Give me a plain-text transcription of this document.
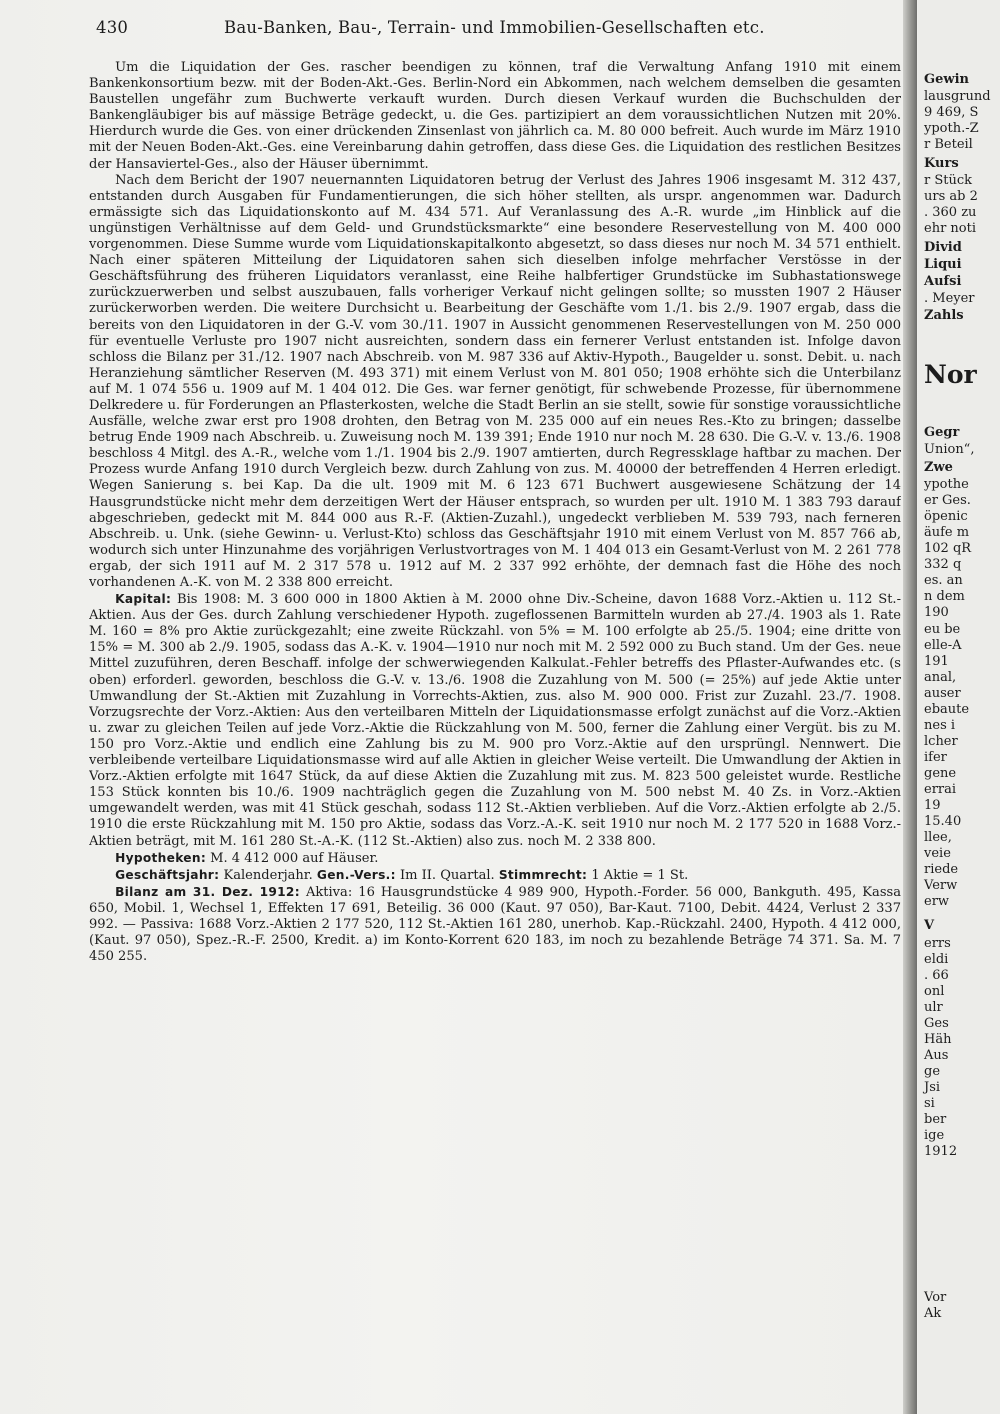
430	Bau-Banken, Bau-, Terrain- und Immobilien-Gesellschaften etc.

Um die Liquidation der Ges. rascher beendigen zu können, traf die Verwaltung Anfang 1910 mit einem Bankenkonsortium bezw. mit der Boden-Akt.-Ges. Berlin-Nord ein Abkommen, nach welchem demselben die gesamten Baustellen ungefähr zum Buchwerte verkauft wurden. Durch diesen Verkauf wurden die Buchschulden der Bankengläubiger bis auf mässige Beträge gedeckt, u. die Ges. partizipiert an dem voraussichtlichen Nutzen mit 20%. Hierdurch wurde die Ges. von einer drückenden Zinsenlast von jährlich ca. M. 80 000 befreit. Auch wurde im März 1910 mit der Neuen Boden-Akt.-Ges. eine Vereinbarung dahin getroffen, dass diese Ges. die Liquidation des restlichen Besitzes der Hansaviertel-Ges., also der Häuser übernimmt.

Nach dem Bericht der 1907 neuernannten Liquidatoren betrug der Verlust des Jahres 1906 insgesamt M. 312 437, entstanden durch Ausgaben für Fundamentierungen, die sich höher stellten, als urspr. angenommen war. Dadurch ermässigte sich das Liquidationskonto auf M. 434 571. Auf Veranlassung des A.-R. wurde „im Hinblick auf die ungünstigen Verhältnisse auf dem Geld- und Grundstücksmarkte“ eine besondere Reservestellung von M. 400 000 vorgenommen. Diese Summe wurde vom Liquidationskapitalkonto abgesetzt, so dass dieses nur noch M. 34 571 enthielt. Nach einer späteren Mitteilung der Liquidatoren sahen sich dieselben infolge mehrfacher Verstösse in der Geschäftsführung des früheren Liquidators veranlasst, eine Reihe halbfertiger Grundstücke im Subhastationswege zurückzuerwerben und selbst auszubauen, falls vorheriger Verkauf nicht gelingen sollte; so mussten 1907 2 Häuser zurückerworben werden. Die weitere Durchsicht u. Bearbeitung der Geschäfte vom 1./1. bis 2./9. 1907 ergab, dass die bereits von den Liquidatoren in der G.-V. vom 30./11. 1907 in Aussicht genommenen Reservestellungen von M. 250 000 für eventuelle Verluste pro 1907 nicht ausreichten, sondern dass ein fernerer Verlust entstanden ist. Infolge davon schloss die Bilanz per 31./12. 1907 nach Abschreib. von M. 987 336 auf Aktiv-Hypoth., Baugelder u. sonst. Debit. u. nach Heranziehung sämtlicher Reserven (M. 493 371) mit einem Verlust von M. 801 050; 1908 erhöhte sich die Unterbilanz auf M. 1 074 556 u. 1909 auf M. 1 404 012. Die Ges. war ferner genötigt, für schwebende Prozesse, für übernommene Delkredere u. für Forderungen an Pflasterkosten, welche die Stadt Berlin an sie stellt, sowie für sonstige voraussichtliche Ausfälle, welche zwar erst pro 1908 drohten, den Betrag von M. 235 000 auf ein neues Res.-Kto zu bringen; dasselbe betrug Ende 1909 nach Abschreib. u. Zuweisung noch M. 139 391; Ende 1910 nur noch M. 28 630. Die G.-V. v. 13./6. 1908 beschloss 4 Mitgl. des A.-R., welche vom 1./1. 1904 bis 2./9. 1907 amtierten, durch Regressklage haftbar zu machen. Der Prozess wurde Anfang 1910 durch Vergleich bezw. durch Zahlung von zus. M. 40000 der betreffenden 4 Herren erledigt. Wegen Sanierung s. bei Kap. Da die ult. 1909 mit M. 6 123 671 Buchwert ausgewiesene Schätzung der 14 Hausgrundstücke nicht mehr dem derzeitigen Wert der Häuser entsprach, so wurden per ult. 1910 M. 1 383 793 darauf abgeschrieben, gedeckt mit M. 844 000 aus R.-F. (Aktien-Zuzahl.), ungedeckt verblieben M. 539 793, nach ferneren Abschreib. u. Unk. (siehe Gewinn- u. Verlust-Kto) schloss das Geschäftsjahr 1910 mit einem Verlust von M. 857 766 ab, wodurch sich unter Hinzunahme des vorjährigen Verlustvortrages von M. 1 404 013 ein Gesamt-Verlust von M. 2 261 778 ergab, der sich 1911 auf M. 2 317 578 u. 1912 auf M. 2 337 992 erhöhte, der demnach fast die Höhe des noch vorhandenen A.-K. von M. 2 338 800 erreicht.

Kapital: Bis 1908: M. 3 600 000 in 1800 Aktien à M. 2000 ohne Div.-Scheine, davon 1688 Vorz.-Aktien u. 112 St.-Aktien. Aus der Ges. durch Zahlung verschiedener Hypoth. zugeflossenen Barmitteln wurden ab 27./4. 1903 als 1. Rate M. 160 = 8% pro Aktie zurückgezahlt; eine zweite Rückzahl. von 5% = M. 100 erfolgte ab 25./5. 1904; eine dritte von 15% = M. 300 ab 2./9. 1905, sodass das A.-K. v. 1904—1910 nur noch mit M. 2 592 000 zu Buch stand. Um der Ges. neue Mittel zuzuführen, deren Beschaff. infolge der schwerwiegenden Kalkulat.-Fehler betreffs des Pflaster-Aufwandes etc. (s oben) erforderl. geworden, beschloss die G.-V. v. 13./6. 1908 die Zuzahlung von M. 500 (= 25%) auf jede Aktie unter Umwandlung der St.-Aktien mit Zuzahlung in Vorrechts-Aktien, zus. also M. 900 000. Frist zur Zuzahl. 23./7. 1908. Vorzugsrechte der Vorz.-Aktien: Aus den verteilbaren Mitteln der Liquidationsmasse erfolgt zunächst auf die Vorz.-Aktien u. zwar zu gleichen Teilen auf jede Vorz.-Aktie die Rückzahlung von M. 500, ferner die Zahlung einer Vergüt. bis zu M. 150 pro Vorz.-Aktie und endlich eine Zahlung bis zu M. 900 pro Vorz.-Aktie auf den ursprüngl. Nennwert. Die verbleibende verteilbare Liquidationsmasse wird auf alle Aktien in gleicher Weise verteilt. Die Umwandlung der Aktien in Vorz.-Aktien erfolgte mit 1647 Stück, da auf diese Aktien die Zuzahlung mit zus. M. 823 500 geleistet wurde. Restliche 153 Stück konnten bis 10./6. 1909 nachträglich gegen die Zuzahlung von M. 500 nebst M. 40 Zs. in Vorz.-Aktien umgewandelt werden, was mit 41 Stück geschah, sodass 112 St.-Aktien verblieben. Auf die Vorz.-Aktien erfolgte ab 2./5. 1910 die erste Rückzahlung mit M. 150 pro Aktie, sodass das Vorz.-A.-K. seit 1910 nur noch M. 2 177 520 in 1688 Vorz.-Aktien beträgt, mit M. 161 280 St.-A.-K. (112 St.-Aktien) also zus. noch M. 2 338 800.

Hypotheken: M. 4 412 000 auf Häuser.

Geschäftsjahr: Kalenderjahr. Gen.-Vers.: Im II. Quartal. Stimmrecht: 1 Aktie = 1 St.

Bilanz am 31. Dez. 1912: Aktiva: 16 Hausgrundstücke 4 989 900, Hypoth.-Forder. 56 000, Bankguth. 495, Kassa 650, Mobil. 1, Wechsel 1, Effekten 17 691, Beteilig. 36 000 (Kaut. 97 050), Bar-Kaut. 7100, Debit. 4424, Verlust 2 337 992. — Passiva: 1688 Vorz.-Aktien 2 177 520, 112 St.-Aktien 161 280, unerhob. Kap.-Rückzahl. 2400, Hypoth. 4 412 000, (Kaut. 97 050), Spez.-R.-F. 2500, Kredit. a) im Konto-Korrent 620 183, im noch zu bezahlende Beträge 74 371. Sa. M. 7 450 255.

Gewin
lausgrund
9 469, S
ypoth.-Z
r Beteil
Kurs
r Stück
urs ab 2
. 360 zu
ehr noti
Divid
Liqui
Aufsi
. Meyer
Zahls
Nor
Gegr
Union“,
Zwe
ypothe
er Ges.
öpenic
äufe m
102 qR
332 q
es. an
n dem
190
eu be
elle-A
191
anal,
auser
ebaute
nes i
lcher
ifer
gene
errai
19
15.40
llee,
veie
riede
Verw
erw
V
errs
eldi
. 66
onl
ulr
Ges
Häh
Aus
ge
Jsi
si
ber
ige
1912
Vor
Ak
